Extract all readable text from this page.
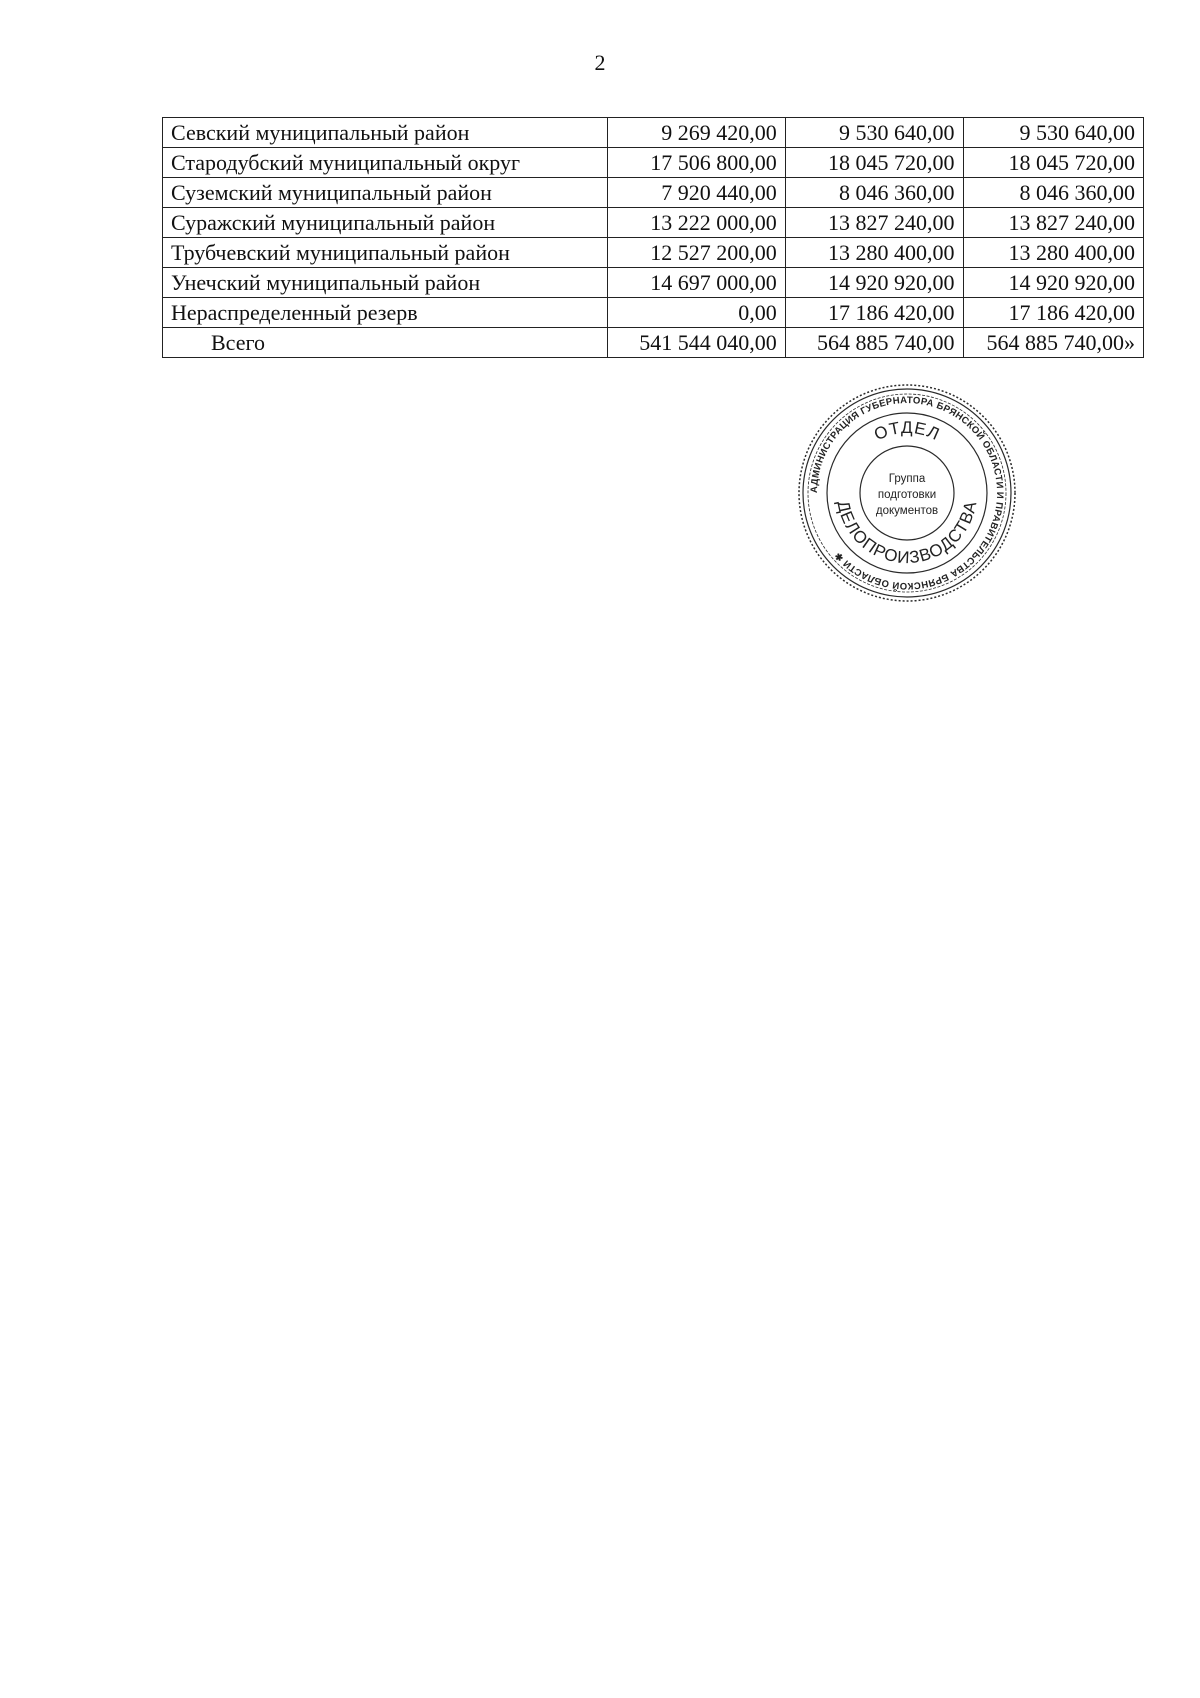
2
Севский муниципальный район	9 269 420,00	9 530 640,00	9 530 640,00
Стародубский муниципальный округ	17 506 800,00	18 045 720,00	18 045 720,00
Суземский муниципальный район	7 920 440,00	8 046 360,00	8 046 360,00
Суражский муниципальный район	13 222 000,00	13 827 240,00	13 827 240,00
Трубчевский муниципальный район	12 527 200,00	13 280 400,00	13 280 400,00
Унечский муниципальный район	14 697 000,00	14 920 920,00	14 920 920,00
Нераспределенный резерв	0,00	17 186 420,00	17 186 420,00
Всего	541 544 040,00	564 885 740,00	564 885 740,00»
АДМИНИСТРАЦИЯ ГУБЕРНАТОРА БРЯНСКОЙ ОБЛАСТИ И ПРАВИТЕЛЬСТВА БРЯНСКОЙ ОБЛАСТИ ✱
ОТДЕЛ
ДЕЛОПРОИЗВОДСТВА
Группа
подготовки
документов
